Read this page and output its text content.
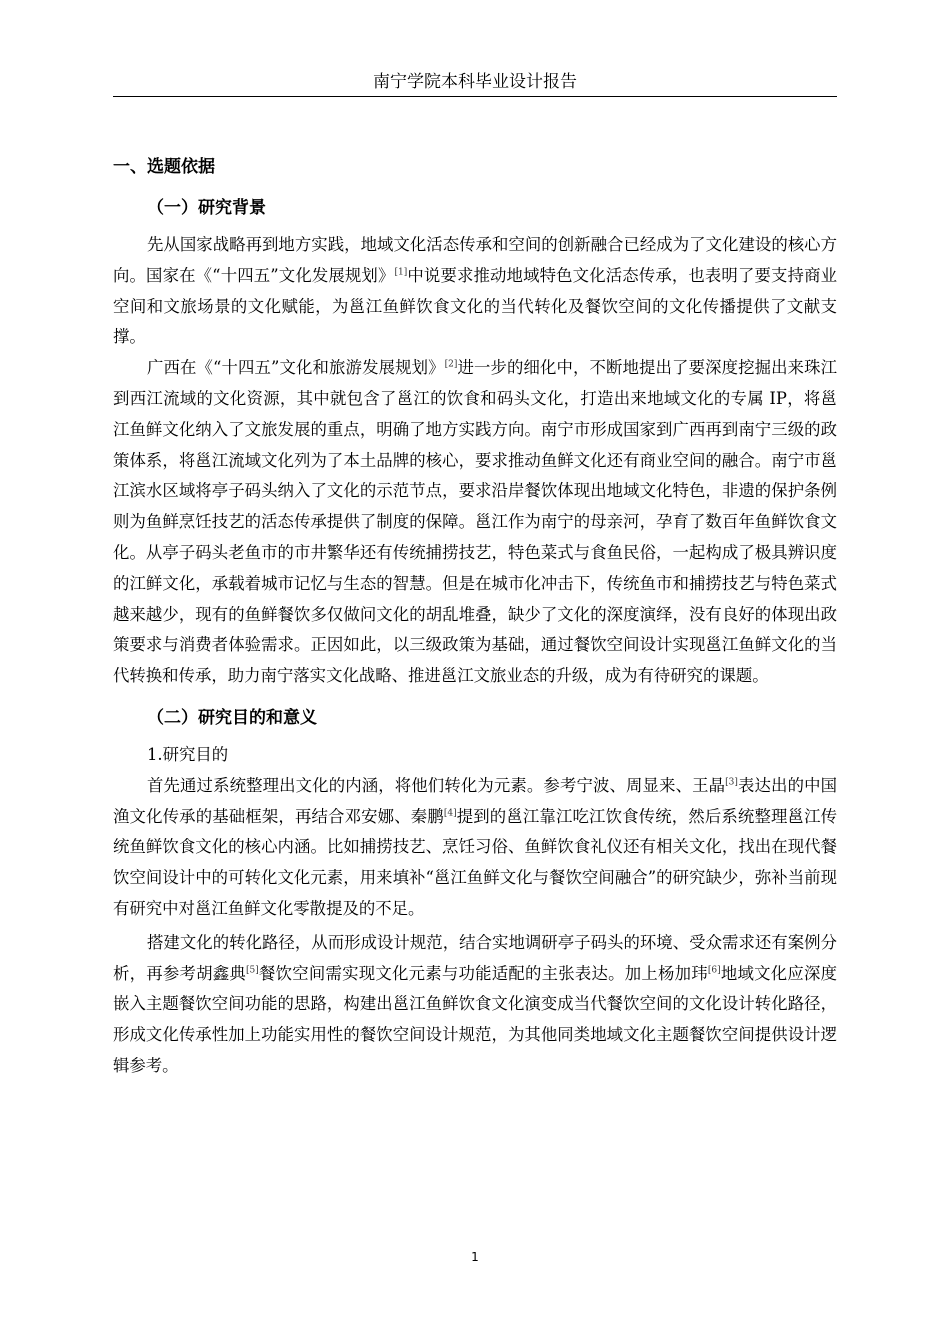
南宁学院本科毕业设计报告
一、选题依据
（一）研究背景

先从国家战略再到地方实践，地域文化活态传承和空间的创新融合已经成为了文化建设的核心方向。国家在《“十四五”文化发展规划》[1]中说要求推动地域特色文化活态传承，也表明了要支持商业空间和文旅场景的文化赋能，为邕江鱼鲜饮食文化的当代转化及餐饮空间的文化传播提供了文献支撑。

广西在《“十四五”文化和旅游发展规划》[2]进一步的细化中，不断地提出了要深度挖掘出来珠江到西江流域的文化资源，其中就包含了邕江的饮食和码头文化，打造出来地域文化的专属 IP，将邕江鱼鲜文化纳入了文旅发展的重点，明确了地方实践方向。南宁市形成国家到广西再到南宁三级的政策体系，将邕江流域文化列为了本土品牌的核心，要求推动鱼鲜文化还有商业空间的融合。南宁市邕江滨水区域将亭子码头纳入了文化的示范节点，要求沿岸餐饮体现出地域文化特色，非遗的保护条例则为鱼鲜烹饪技艺的活态传承提供了制度的保障。邕江作为南宁的母亲河，孕育了数百年鱼鲜饮食文化。从亭子码头老鱼市的市井繁华还有传统捕捞技艺，特色菜式与食鱼民俗，一起构成了极具辨识度的江鲜文化，承载着城市记忆与生态的智慧。但是在城市化冲击下，传统鱼市和捕捞技艺与特色菜式越来越少，现有的鱼鲜餐饮多仅做问文化的胡乱堆叠，缺少了文化的深度演绎，没有良好的体现出政策要求与消费者体验需求。正因如此，以三级政策为基础，通过餐饮空间设计实现邕江鱼鲜文化的当代转换和传承，助力南宁落实文化战略、推进邕江文旅业态的升级，成为有待研究的课题。

（二）研究目的和意义
1.研究目的

首先通过系统整理出文化的内涵，将他们转化为元素。参考宁波、周显来、王晶[3]表达出的中国渔文化传承的基础框架，再结合邓安娜、秦鹏[4]提到的邕江靠江吃江饮食传统，然后系统整理邕江传统鱼鲜饮食文化的核心内涵。比如捕捞技艺、烹饪习俗、鱼鲜饮食礼仪还有相关文化，找出在现代餐饮空间设计中的可转化文化元素，用来填补“邕江鱼鲜文化与餐饮空间融合”的研究缺少，弥补当前现有研究中对邕江鱼鲜文化零散提及的不足。

搭建文化的转化路径，从而形成设计规范，结合实地调研亭子码头的环境、受众需求还有案例分析，再参考胡鑫典[5]餐饮空间需实现文化元素与功能适配的主张表达。加上杨加玮[6]地域文化应深度嵌入主题餐饮空间功能的思路，构建出邕江鱼鲜饮食文化演变成当代餐饮空间的文化设计转化路径，形成文化传承性加上功能实用性的餐饮空间设计规范，为其他同类地域文化主题餐饮空间提供设计逻辑参考。

1
